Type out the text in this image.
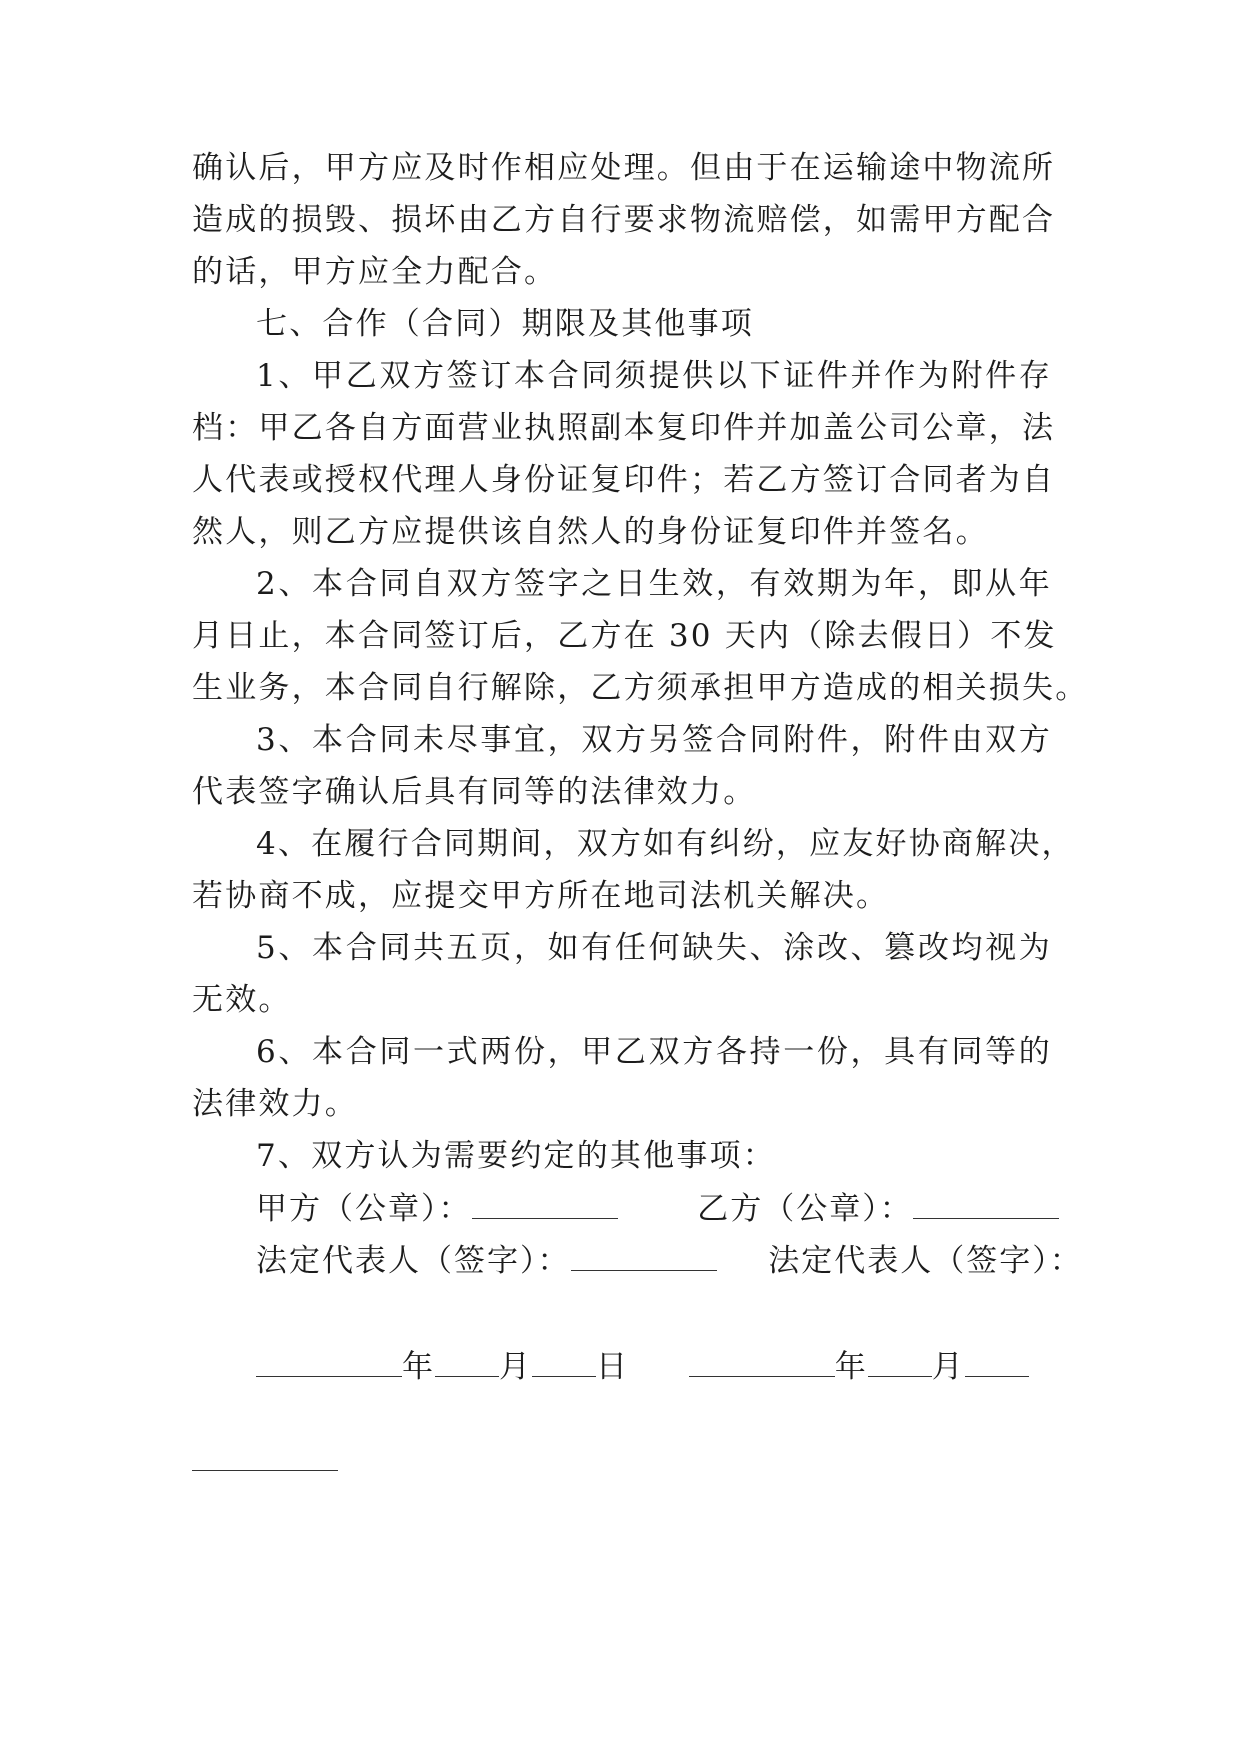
确认后，甲方应及时作相应处理。但由于在运输途中物流所
造成的损毁、损坏由乙方自行要求物流赔偿，如需甲方配合
的话，甲方应全力配合。
七、合作（合同）期限及其他事项
1、甲乙双方签订本合同须提供以下证件并作为附件存
档：甲乙各自方面营业执照副本复印件并加盖公司公章，法
人代表或授权代理人身份证复印件；若乙方签订合同者为自
然人，则乙方应提供该自然人的身份证复印件并签名。
2、本合同自双方签字之日生效，有效期为年，即从年
月日止，本合同签订后，乙方在 30 天内（除去假日）不发
生业务，本合同自行解除，乙方须承担甲方造成的相关损失。
3、本合同未尽事宜，双方另签合同附件，附件由双方
代表签字确认后具有同等的法律效力。
4、在履行合同期间，双方如有纠纷，应友好协商解决，
若协商不成，应提交甲方所在地司法机关解决。
5、本合同共五页，如有任何缺失、涂改、篡改均视为
无效。
6、本合同一式两份，甲乙双方各持一份，具有同等的
法律效力。
7、双方认为需要约定的其他事项：
甲方（公章）：	乙方（公章）：
法定代表人（签字）：	法定代表人（签字）：
年 月 日	年 月
